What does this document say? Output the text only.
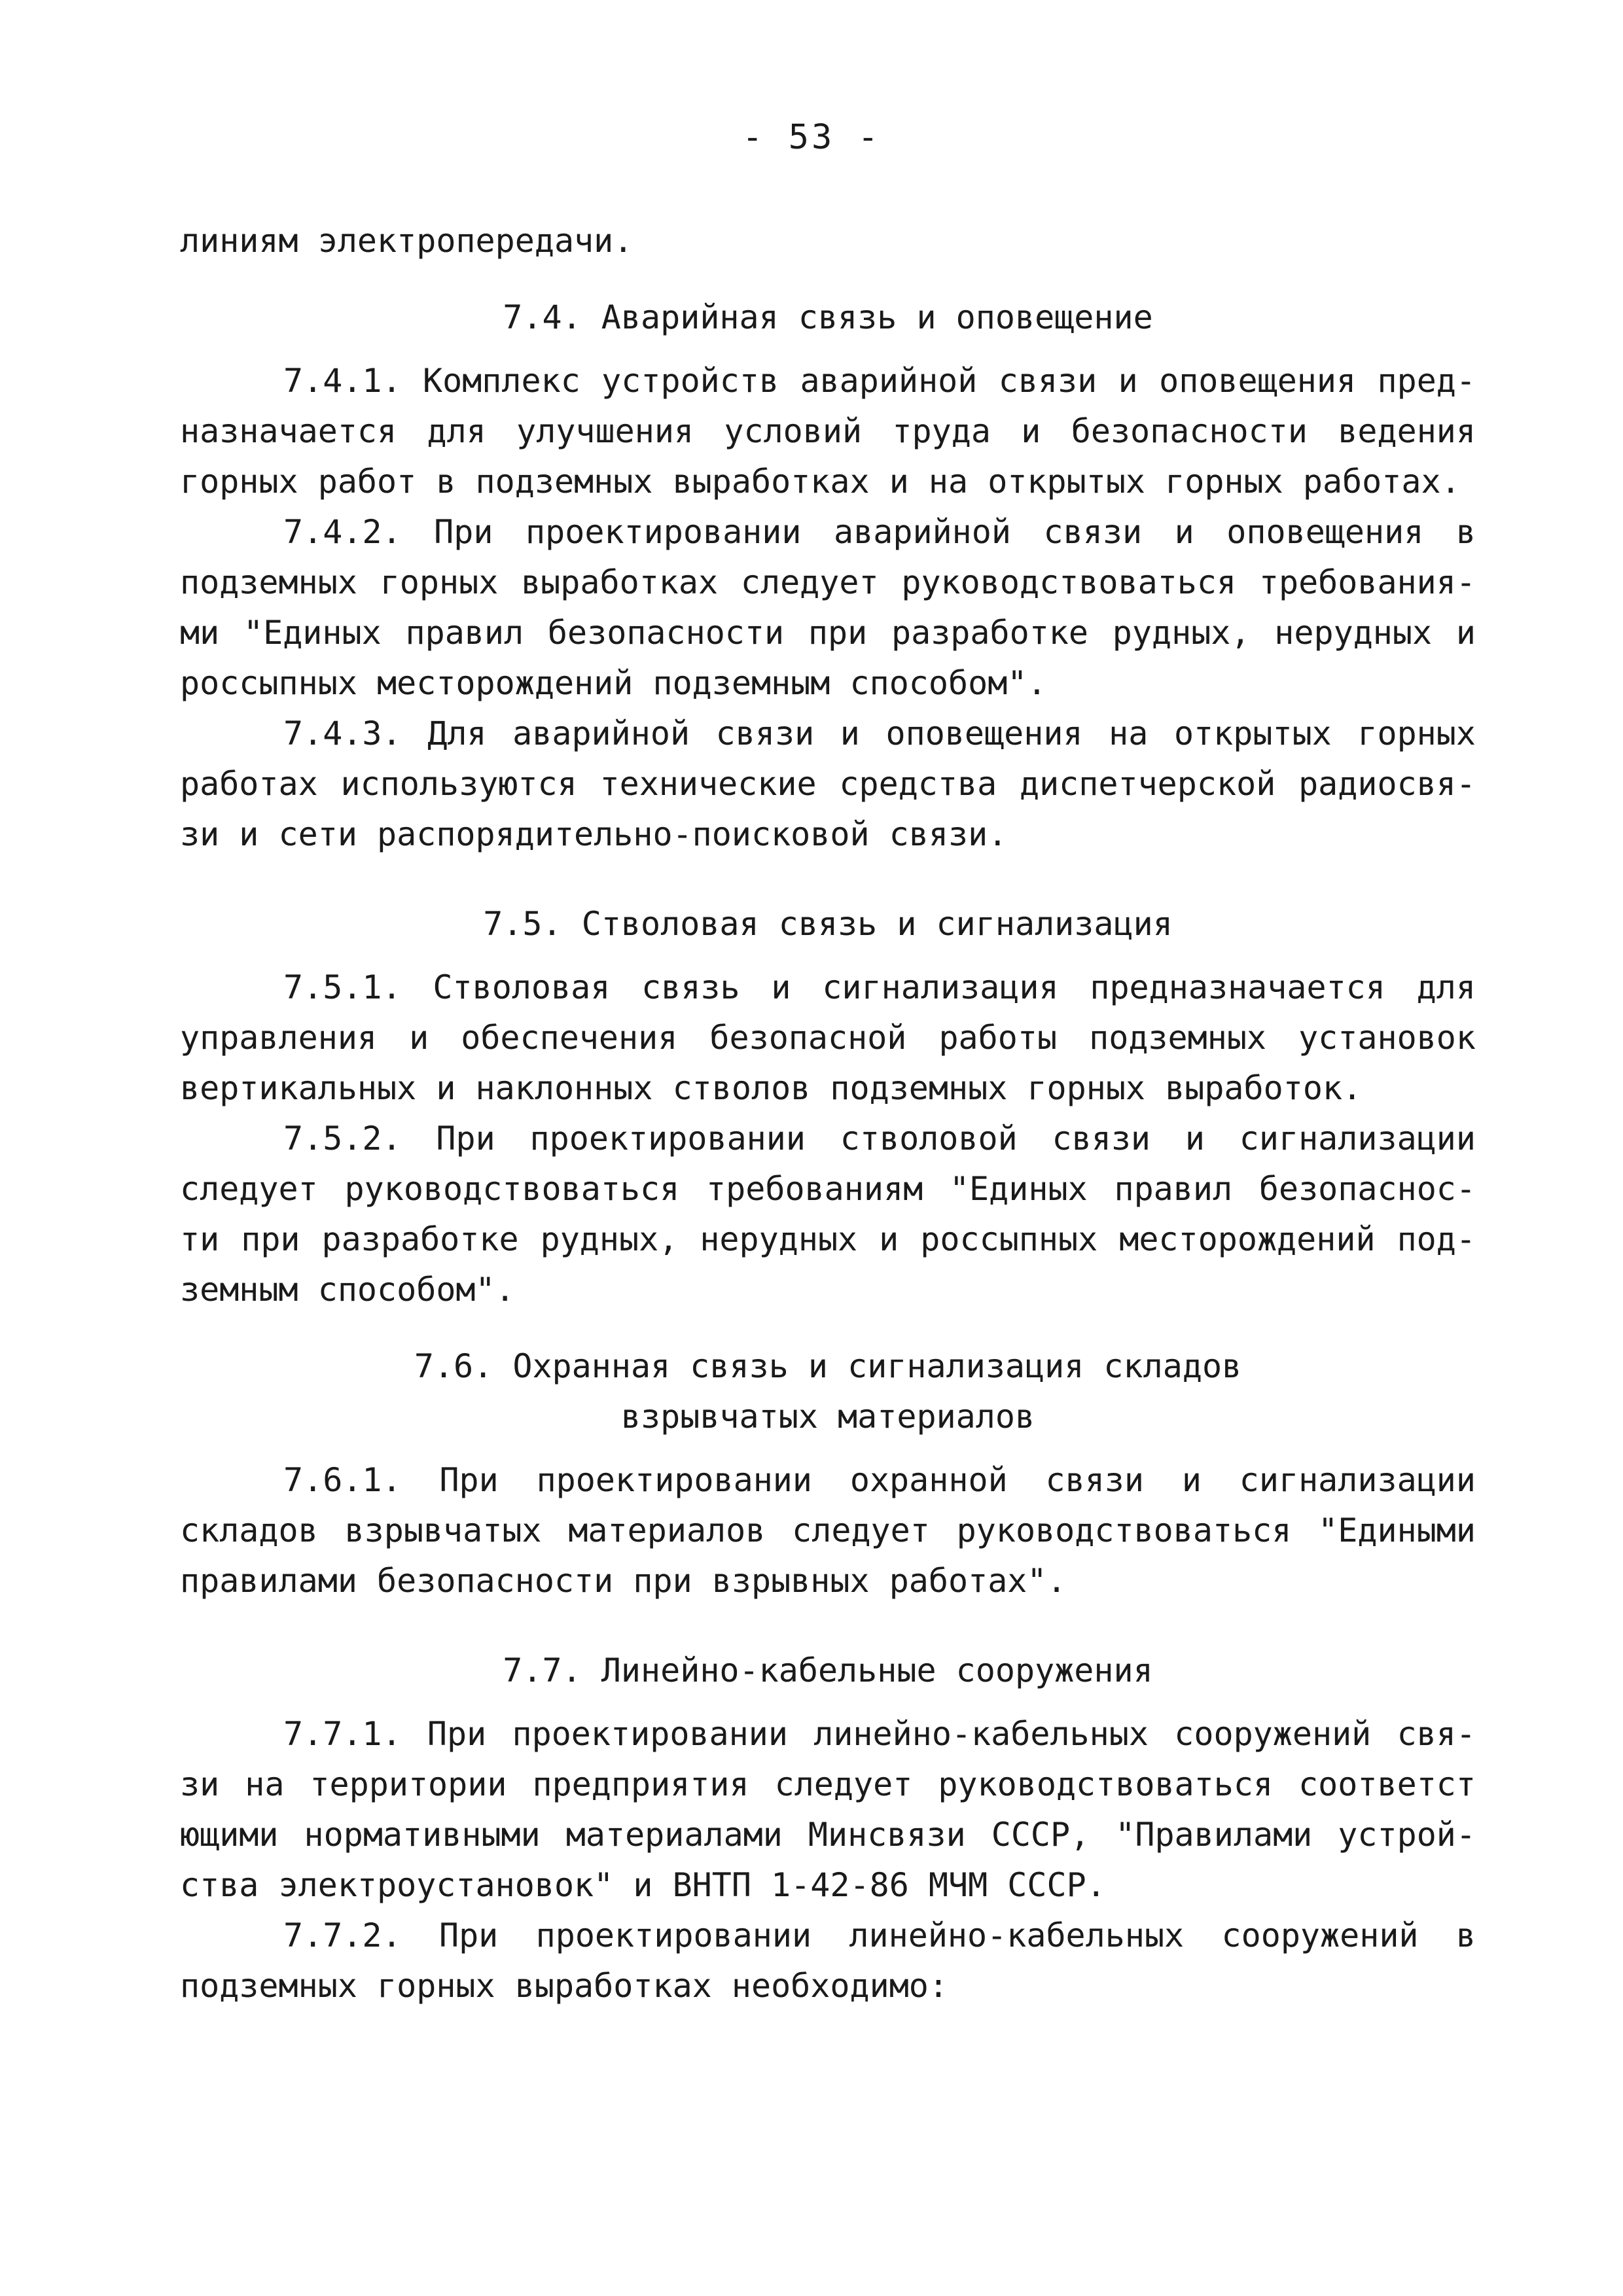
- 53 -
линиям электропередачи.
7.4. Аварийная связь и оповещение
7.4.1. Комплекс устройств аварийной связи и оповещения пред-
назначается для улучшения условий труда и безопасности ведения
горных работ в подземных выработках и на открытых горных работах.
7.4.2. При проектировании аварийной связи и оповещения в
подземных горных выработках следует руководствоваться требования-
ми "Единых правил безопасности при разработке рудных, нерудных и
россыпных месторождений подземным способом".
7.4.3. Для аварийной связи и оповещения на открытых горных
работах используются технические средства диспетчерской радиосвя-
зи и сети распорядительно-поисковой связи.
7.5. Стволовая связь и сигнализация
7.5.1. Стволовая связь и сигнализация предназначается для
управления и обеспечения безопасной работы подземных установок
вертикальных и наклонных стволов подземных горных выработок.
7.5.2. При проектировании стволовой связи и сигнализации
следует руководствоваться требованиям "Единых правил безопаснос-
ти при разработке рудных, нерудных и россыпных месторождений под-
земным способом".
7.6. Охранная связь и сигнализация складов
взрывчатых материалов
7.6.1. При проектировании охранной связи и сигнализации
складов взрывчатых материалов следует руководствоваться "Едиными
правилами безопасности при взрывных работах".
7.7. Линейно-кабельные сооружения
7.7.1. При проектировании линейно-кабельных сооружений свя-
зи на территории предприятия следует руководствоваться соответст
ющими нормативными материалами Минсвязи СССР, "Правилами устрой-
ства электроустановок" и ВНТП 1-42-86 МЧМ СССР.
7.7.2. При проектировании линейно-кабельных сооружений в
подземных горных выработках необходимо:
